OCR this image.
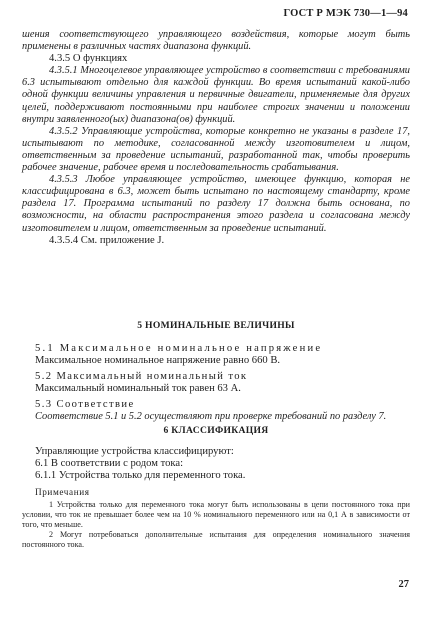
ГОСТ Р МЭК 730—1—94

шения соответствующего управляющего воздействия, которые могут быть применены в различных частях диапазона функций.

4.3.5 О функциях

4.3.5.1 Многоцелевое управляющее устройство в соответствии с требованиями 6.3 испытывают отдельно для каждой функции. Во время испытаний какой-либо одной функции величины управления и первичные двигатели, применяемые для других целей, поддерживают постоянными при наиболее строгих значении и положении внутри заявленного(ых) диапазона(ов) функций.

4.3.5.2 Управляющие устройства, которые конкретно не указаны в разделе 17, испытывают по методике, согласованной между изготовителем и лицом, ответственным за проведение испытаний, разработанной так, чтобы проверить рабочее значение, рабочее время и последовательность срабатывания.

4.3.5.3 Любое управляющее устройство, имеющее функцию, которая не классифицирована в 6.3, может быть испытано по настоящему стандарту, кроме раздела 17. Программа испытаний по разделу 17 должна быть основана, по возможности, на области распространения этого раздела и согласована между изготовителем и лицом, ответственным за проведение испытаний.

4.3.5.4 См. приложение J.

5 НОМИНАЛЬНЫЕ ВЕЛИЧИНЫ

5.1 Максимальное номинальное напряжение

Максимальное номинальное напряжение равно 660 В.

5.2 Максимальный номинальный ток

Максимальный номинальный ток равен 63 А.

5.3 Соответствие

Соответствие 5.1 и 5.2 осуществляют при проверке требований по разделу 7.

6 КЛАССИФИКАЦИЯ

Управляющие устройства классифицируют:

6.1 В соответствии с родом тока:

6.1.1 Устройства только для переменного тока.

Примечания

1 Устройства только для переменного тока могут быть использованы в цепи постоянного тока при условии, что ток не превышает более чем на 10 % номинального переменного или на 0,1 А в зависимости от того, что меньше.

2 Могут потребоваться дополнительные испытания для определения номинального значения постоянного тока.

27
